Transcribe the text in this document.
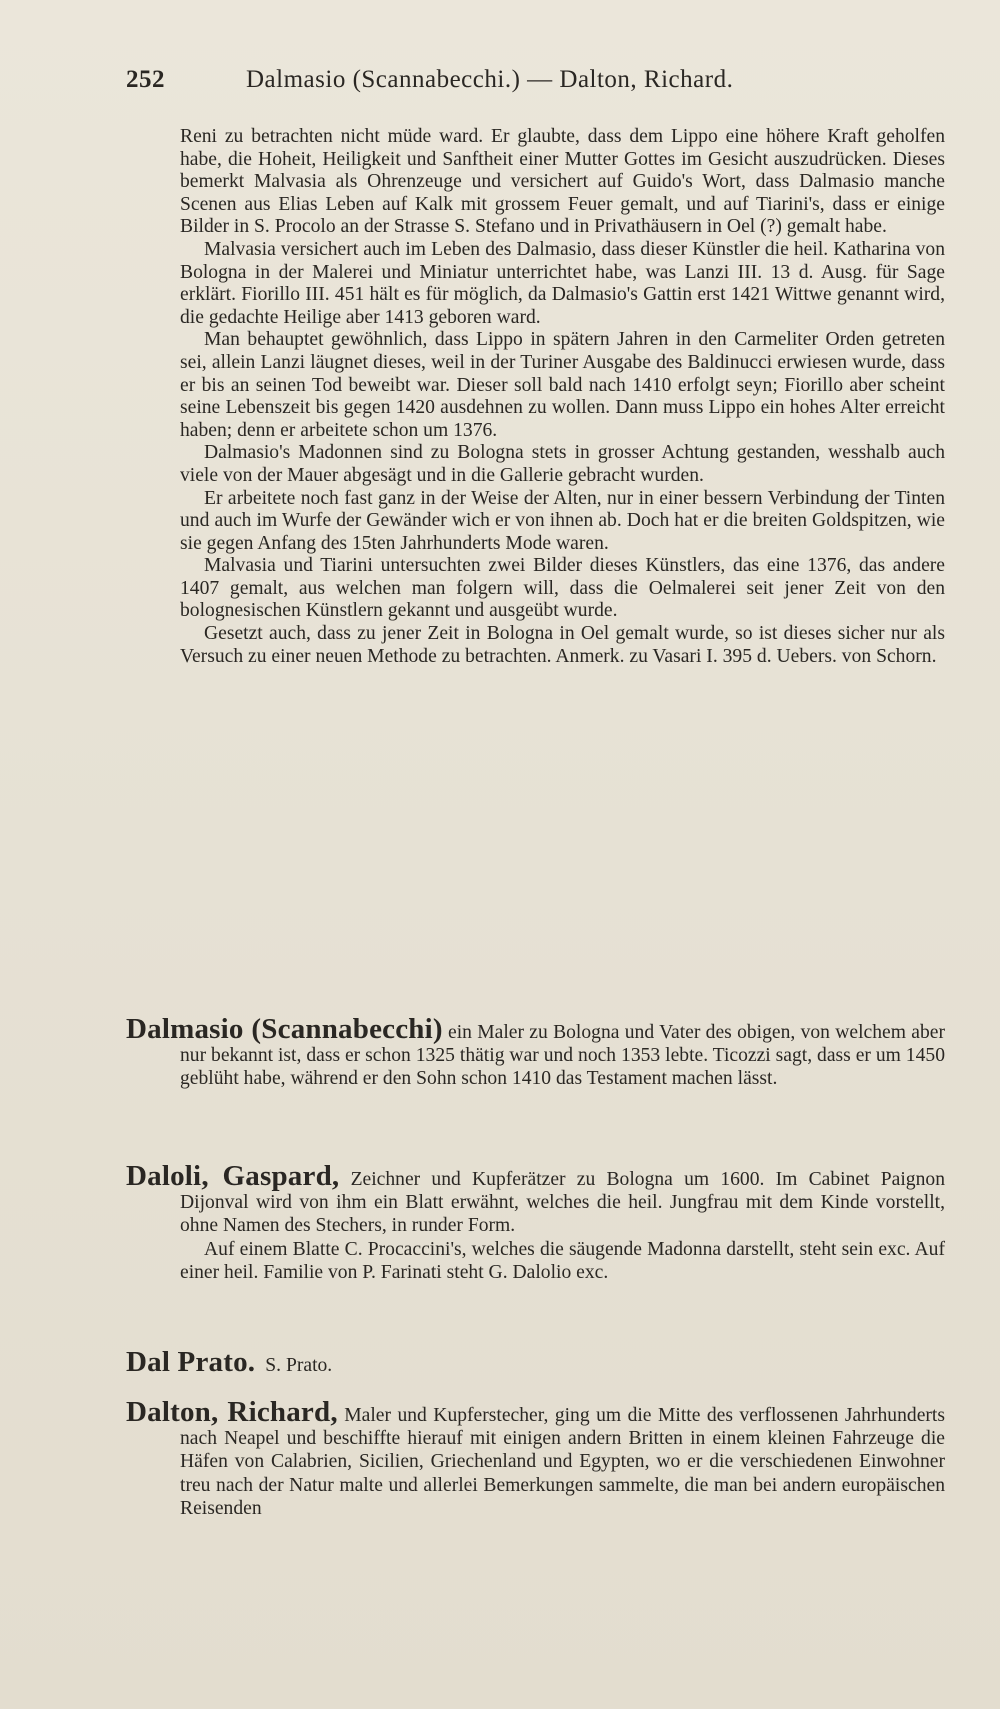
252	Dalmasio (Scannabecchi.) — Dalton, Richard.

Reni zu betrachten nicht müde ward. Er glaubte, dass dem Lippo eine höhere Kraft geholfen habe, die Hoheit, Heiligkeit und Sanftheit einer Mutter Gottes im Gesicht auszudrücken. Dieses bemerkt Malvasia als Ohrenzeuge und versichert auf Guido's Wort, dass Dalmasio manche Scenen aus Elias Leben auf Kalk mit grossem Feuer gemalt, und auf Tiarini's, dass er einige Bilder in S. Procolo an der Strasse S. Stefano und in Privathäusern in Oel (?) gemalt habe.

Malvasia versichert auch im Leben des Dalmasio, dass dieser Künstler die heil. Katharina von Bologna in der Malerei und Miniatur unterrichtet habe, was Lanzi III. 13 d. Ausg. für Sage erklärt. Fiorillo III. 451 hält es für möglich, da Dalmasio's Gattin erst 1421 Wittwe genannt wird, die gedachte Heilige aber 1413 geboren ward.

Man behauptet gewöhnlich, dass Lippo in spätern Jahren in den Carmeliter Orden getreten sei, allein Lanzi läugnet dieses, weil in der Turiner Ausgabe des Baldinucci erwiesen wurde, dass er bis an seinen Tod beweibt war. Dieser soll bald nach 1410 erfolgt seyn; Fiorillo aber scheint seine Lebenszeit bis gegen 1420 ausdehnen zu wollen. Dann muss Lippo ein hohes Alter erreicht haben; denn er arbeitete schon um 1376.

Dalmasio's Madonnen sind zu Bologna stets in grosser Achtung gestanden, wesshalb auch viele von der Mauer abgesägt und in die Gallerie gebracht wurden.

Er arbeitete noch fast ganz in der Weise der Alten, nur in einer bessern Verbindung der Tinten und auch im Wurfe der Gewänder wich er von ihnen ab. Doch hat er die breiten Goldspitzen, wie sie gegen Anfang des 15ten Jahrhunderts Mode waren.

Malvasia und Tiarini untersuchten zwei Bilder dieses Künstlers, das eine 1376, das andere 1407 gemalt, aus welchen man folgern will, dass die Oelmalerei seit jener Zeit von den bolognesischen Künstlern gekannt und ausgeübt wurde.

Gesetzt auch, dass zu jener Zeit in Bologna in Oel gemalt wurde, so ist dieses sicher nur als Versuch zu einer neuen Methode zu betrachten. Anmerk. zu Vasari I. 395 d. Uebers. von Schorn.

Dalmasio (Scannabecchi) ein Maler zu Bologna und Vater des obigen, von welchem aber nur bekannt ist, dass er schon 1325 thätig war und noch 1353 lebte. Ticozzi sagt, dass er um 1450 geblüht habe, während er den Sohn schon 1410 das Testament machen lässt.

Daloli, Gaspard, Zeichner und Kupferätzer zu Bologna um 1600. Im Cabinet Paignon Dijonval wird von ihm ein Blatt erwähnt, welches die heil. Jungfrau mit dem Kinde vorstellt, ohne Namen des Stechers, in runder Form.

Auf einem Blatte C. Procaccini's, welches die säugende Madonna darstellt, steht sein exc. Auf einer heil. Familie von P. Farinati steht G. Dalolio exc.

Dal Prato. S. Prato.

Dalton, Richard, Maler und Kupferstecher, ging um die Mitte des verflossenen Jahrhunderts nach Neapel und beschiffte hierauf mit einigen andern Britten in einem kleinen Fahrzeuge die Häfen von Calabrien, Sicilien, Griechenland und Egypten, wo er die verschiedenen Einwohner treu nach der Natur malte und allerlei Bemerkungen sammelte, die man bei andern europäischen Reisenden
